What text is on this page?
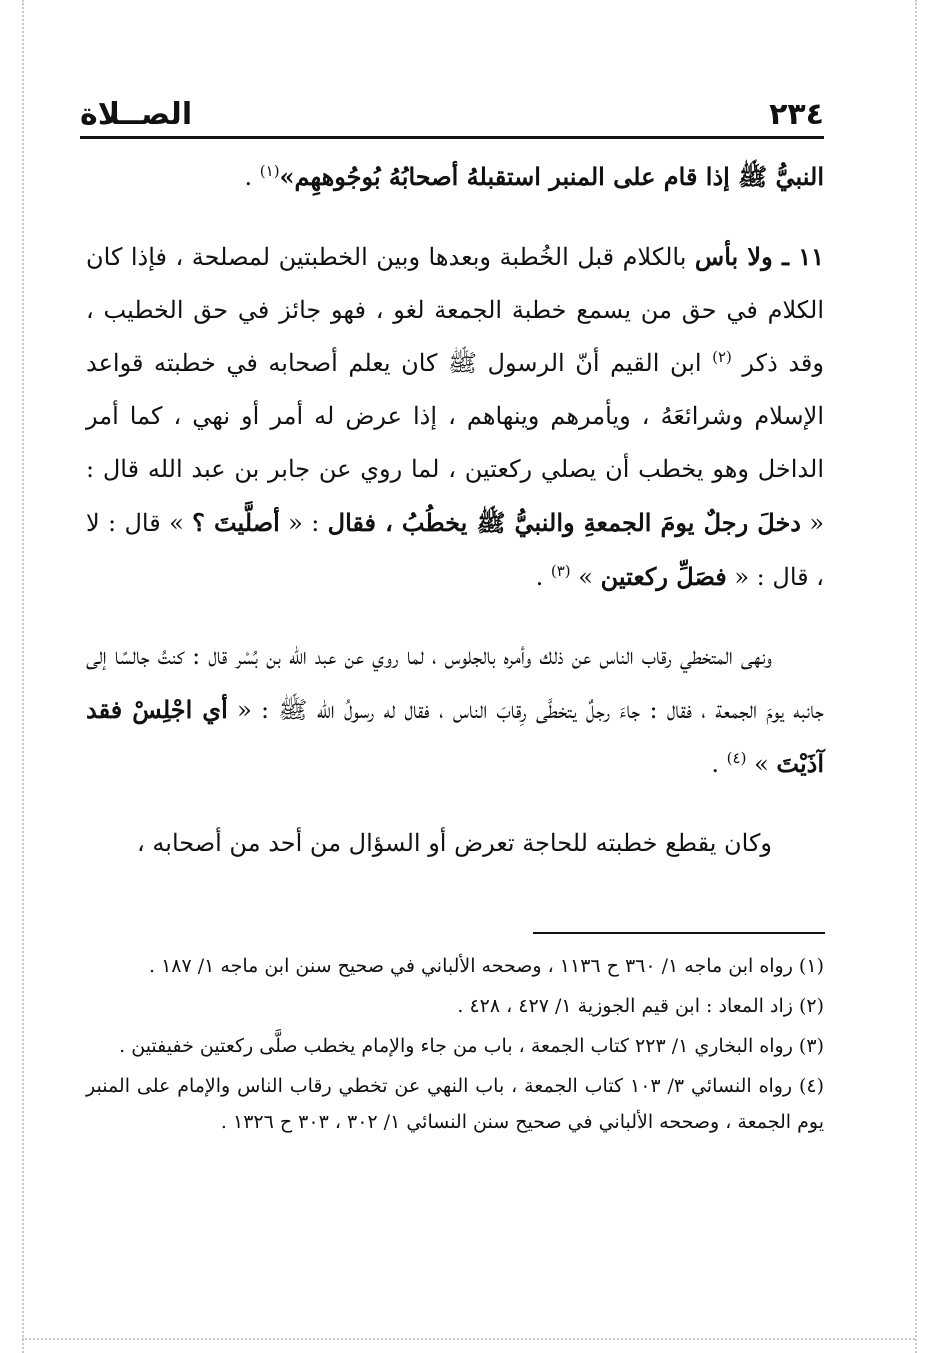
٢٣٤
الصــلاة

النبيُّ ﷺ إذا قام على المنبر استقبلهُ أصحابُهُ بُوجُوههِم»$^{(١)}$ .

١١ ـ ولا بأس بالكلام قبل الخُطبة وبعدها وبين الخطبتين لمصلحة ، فإذا كان الكلام في حق من يسمع خطبة الجمعة لغو ، فهو جائز في حق الخطيب ، وقد ذكر $^{(٢)}$ ابن القيم أنّ الرسول ﷺ كان يعلم أصحابه في خطبته قواعد الإسلام وشرائعَهُ ، ويأمرهم وينهاهم ، إذا عرض له أمر أو نهي ، كما أمر الداخل وهو يخطب أن يصلي ركعتين ، لما روي عن جابر بن عبد الله قال : « دخلَ رجلٌ يومَ الجمعةِ والنبيُّ ﷺ يخطُبُ ، فقال : « أصلَّيتَ ؟ » قال : لا ، قال : « فصَلِّ ركعتين » $^{(٣)}$ .

ونهى المتخطي رقاب الناس عن ذلك وأمره بالجلوس ، لما روي عن عبد الله بن بُسْر قال : كنتُ جالسًا إلى جانبه يومَ الجمعة ، فقال : جاءَ رجلٌ يتخطَّى رِقابَ الناس ، فقال له رسولُ الله ﷺ : « أي اجْلِسْ فقد آذَيْتَ » $^{(٤)}$ .

وكان يقطع خطبته للحاجة تعرض أو السؤال من أحد من أصحابه ،

(١) رواه ابن ماجه ١/ ٣٦٠ ح ١١٣٦ ، وصححه الألباني في صحيح سنن ابن ماجه ١/ ١٨٧ .

(٢) زاد المعاد : ابن قيم الجوزية ١/ ٤٢٧ ، ٤٢٨ .

(٣) رواه البخاري ١/ ٢٢٣ كتاب الجمعة ، باب من جاء والإمام يخطب صلَّى ركعتين خفيفتين .

(٤) رواه النسائي ٣/ ١٠٣ كتاب الجمعة ، باب النهي عن تخطي رقاب الناس والإمام على المنبر يوم الجمعة ، وصححه الألباني في صحيح سنن النسائي ١/ ٣٠٢ ، ٣٠٣ ح ١٣٢٦ .
